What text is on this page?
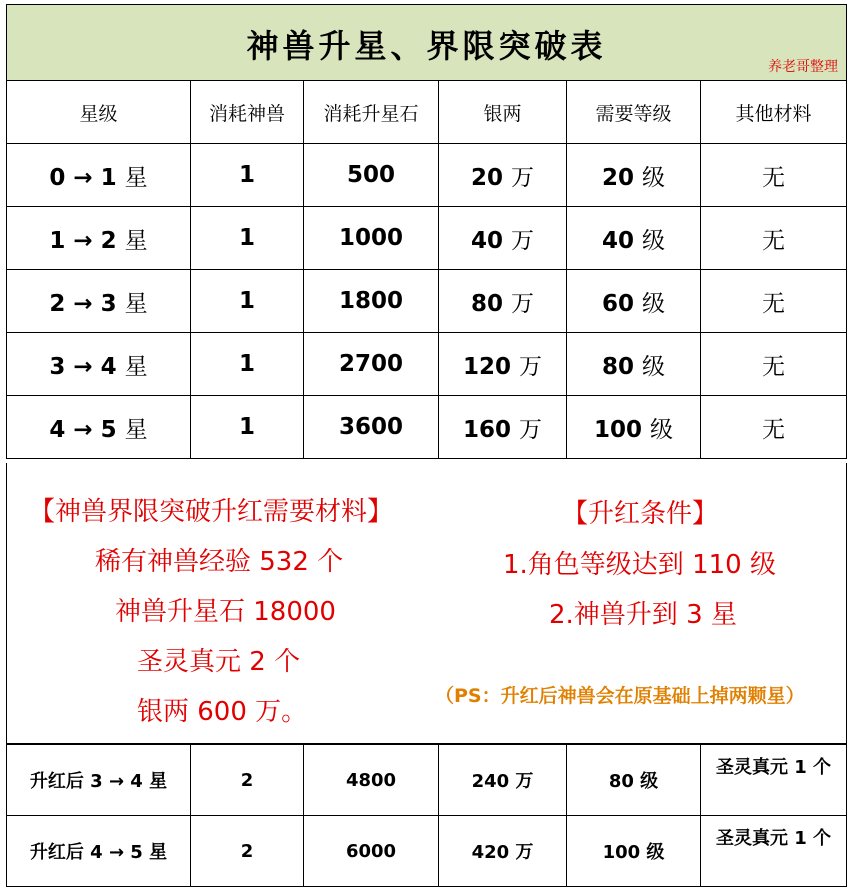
神兽升星、界限突破表
养老哥整理
星级	消耗神兽	消耗升星石	银两	需要等级	其他材料
0 → 1 星	1	500	20 万	20 级	无
1 → 2 星	1	1000	40 万	40 级	无
2 → 3 星	1	1800	80 万	60 级	无
3 → 4 星	1	2700	120 万	80 级	无
4 → 5 星	1	3600	160 万	100 级	无
【神兽界限突破升红需要材料】
稀有神兽经验 532 个
神兽升星石 18000
圣灵真元 2 个
银两 600 万。
【升红条件】
1.角色等级达到 110 级
2.神兽升到 3 星
（PS：升红后神兽会在原基础上掉两颗星）
升红后 3 → 4 星	2	4800	240 万	80 级	圣灵真元 1 个
升红后 4 → 5 星	2	6000	420 万	100 级	圣灵真元 1 个
